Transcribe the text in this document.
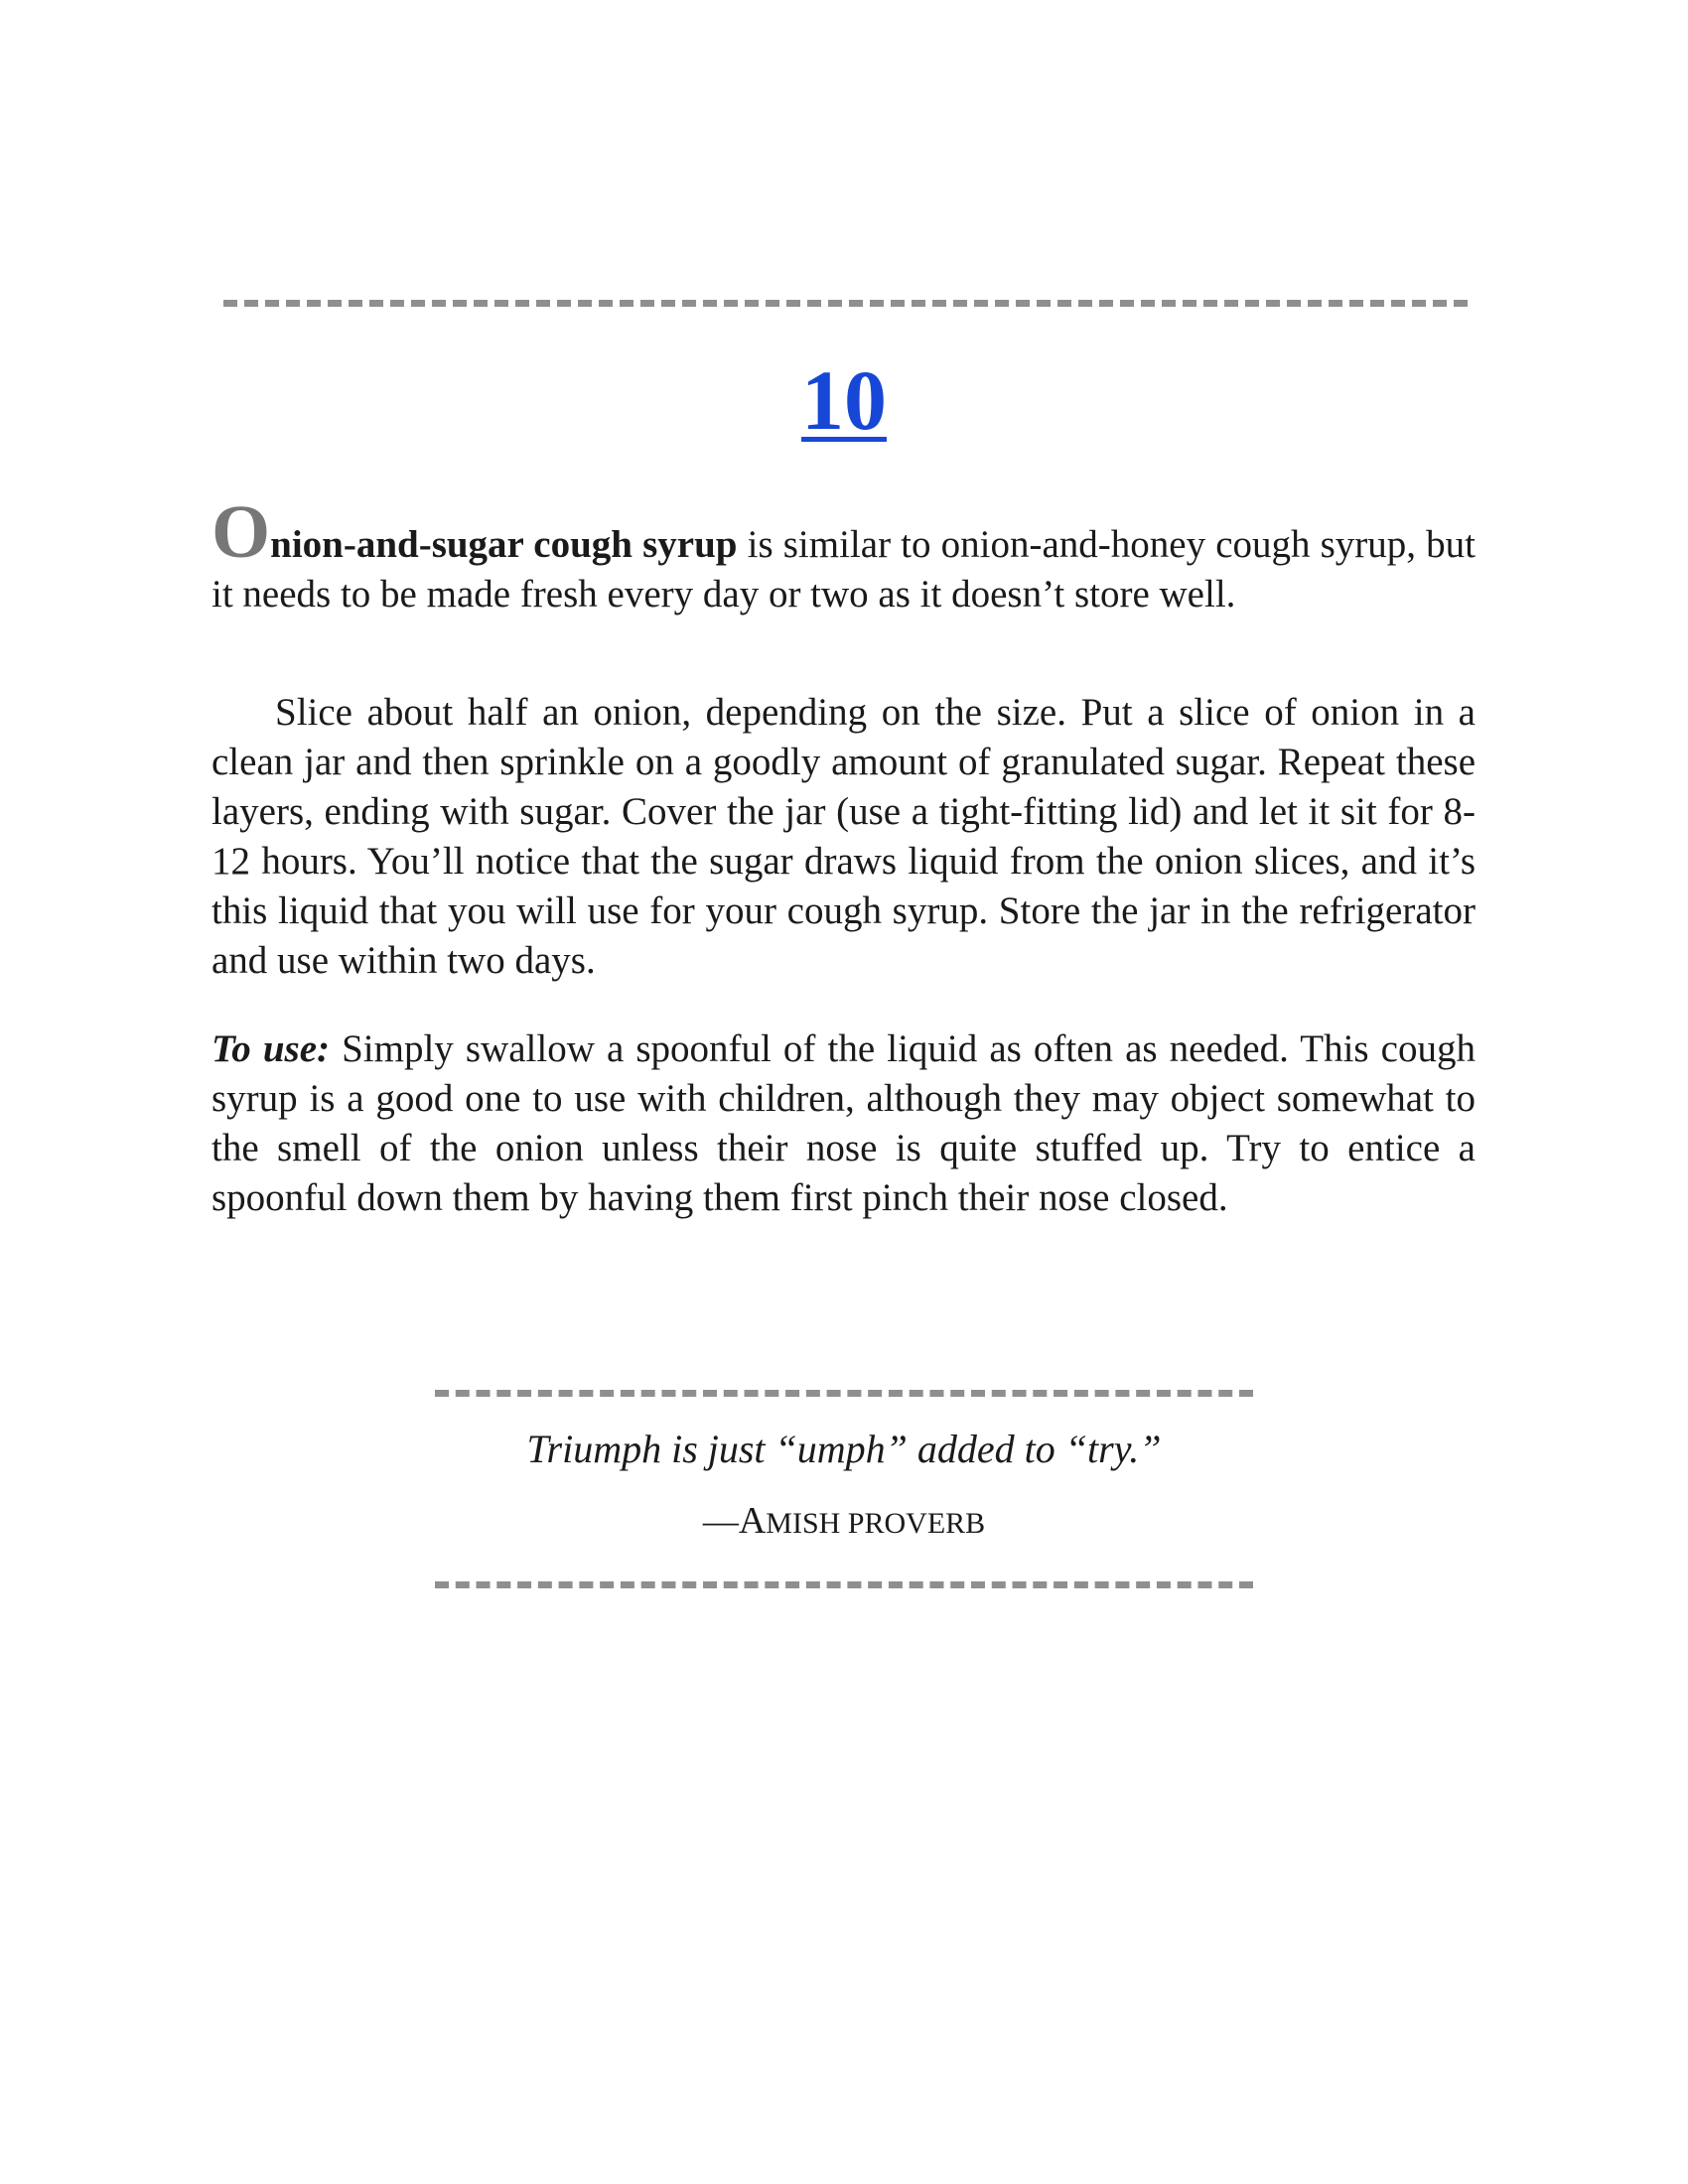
10
Onion-and-sugar cough syrup is similar to onion-and-honey cough syrup, but it needs to be made fresh every day or two as it doesn’t store well.
Slice about half an onion, depending on the size. Put a slice of onion in a clean jar and then sprinkle on a goodly amount of granulated sugar. Repeat these layers, ending with sugar. Cover the jar (use a tight-fitting lid) and let it sit for 8-12 hours. You’ll notice that the sugar draws liquid from the onion slices, and it’s this liquid that you will use for your cough syrup. Store the jar in the refrigerator and use within two days.
To use: Simply swallow a spoonful of the liquid as often as needed. This cough syrup is a good one to use with children, although they may object somewhat to the smell of the onion unless their nose is quite stuffed up. Try to entice a spoonful down them by having them first pinch their nose closed.
Triumph is just “umph” added to “try.”
—AMISH PROVERB
